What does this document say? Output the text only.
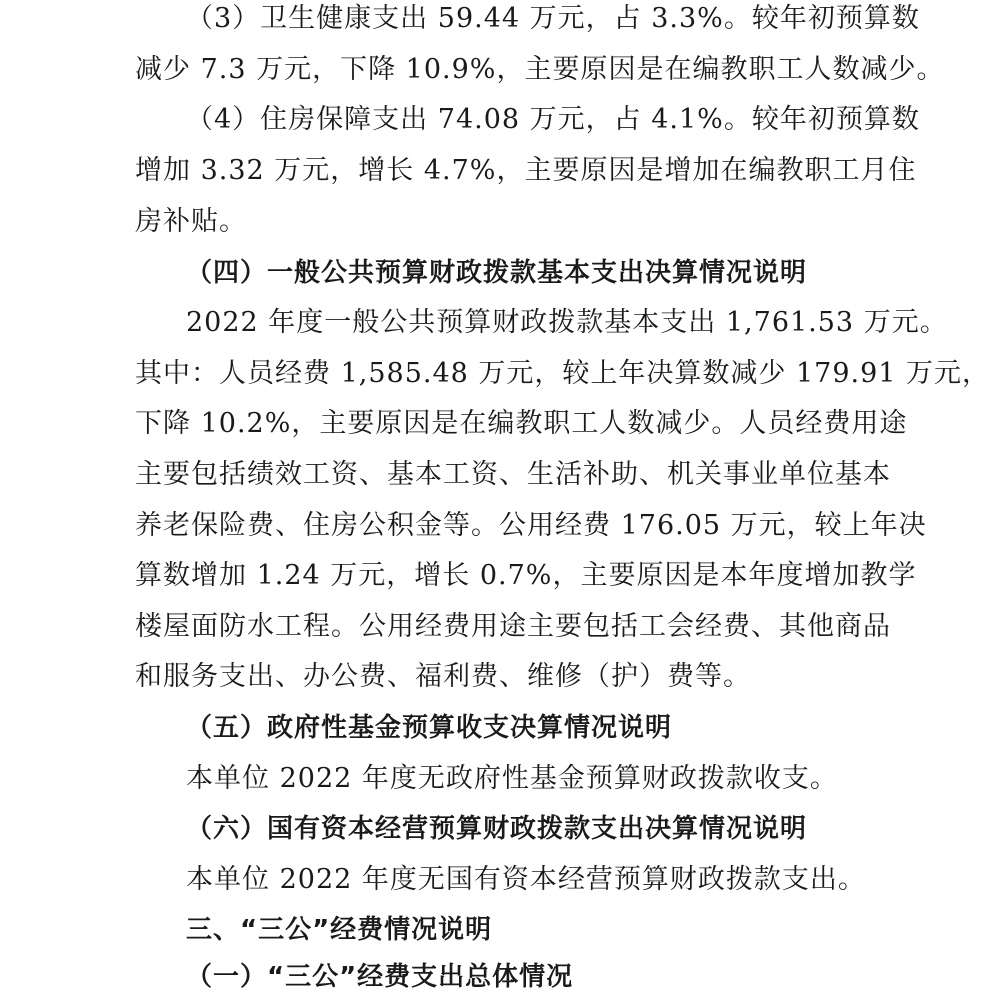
（3）卫生健康支出 59.44 万元，占 3.3%。较年初预算数
减少 7.3 万元，下降 10.9%，主要原因是在编教职工人数减少。
（4）住房保障支出 74.08 万元，占 4.1%。较年初预算数
增加 3.32 万元，增长 4.7%，主要原因是增加在编教职工月住
房补贴。
（四）一般公共预算财政拨款基本支出决算情况说明
2022 年度一般公共预算财政拨款基本支出 1,761.53 万元。
其中：人员经费 1,585.48 万元，较上年决算数减少 179.91 万元，
下降 10.2%，主要原因是在编教职工人数减少。人员经费用途
主要包括绩效工资、基本工资、生活补助、机关事业单位基本
养老保险费、住房公积金等。公用经费 176.05 万元，较上年决
算数增加 1.24 万元，增长 0.7%，主要原因是本年度增加教学
楼屋面防水工程。公用经费用途主要包括工会经费、其他商品
和服务支出、办公费、福利费、维修（护）费等。
（五）政府性基金预算收支决算情况说明
本单位 2022 年度无政府性基金预算财政拨款收支。
（六）国有资本经营预算财政拨款支出决算情况说明
本单位 2022 年度无国有资本经营预算财政拨款支出。
三、“三公”经费情况说明
（一）“三公”经费支出总体情况
